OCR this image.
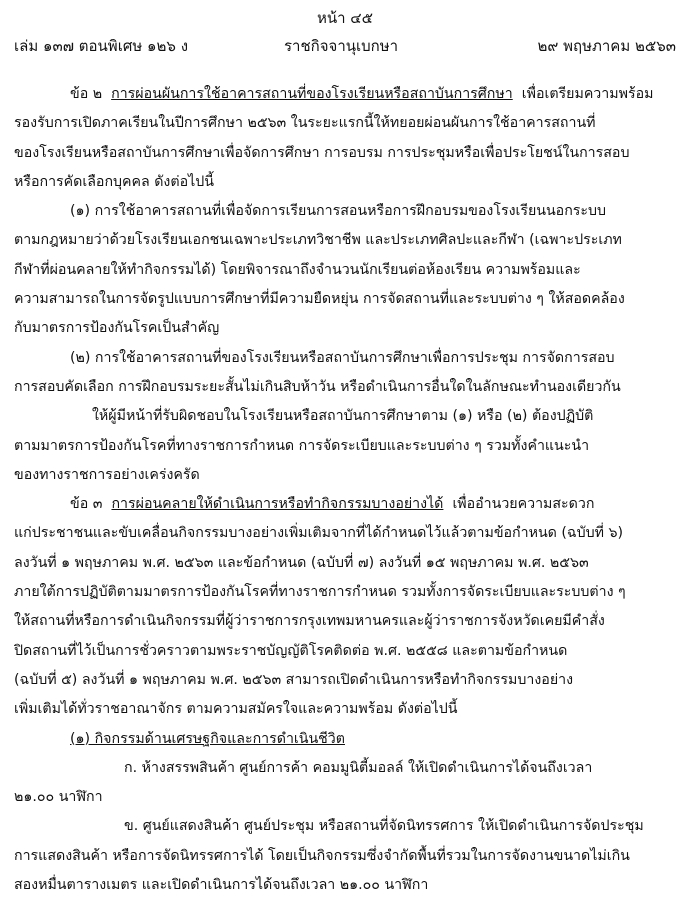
หน้า ๔๕
เล่ม ๑๓๗ ตอนพิเศษ ๑๒๖ ง	ราชกิจจานุเบกษา	๒๙ พฤษภาคม ๒๕๖๓
ข้อ ๒ การผ่อนผันการใช้อาคารสถานที่ของโรงเรียนหรือสถาบันการศึกษา เพื่อเตรียมความพร้อม
รองรับการเปิดภาคเรียนในปีการศึกษา ๒๕๖๓ ในระยะแรกนี้ให้ทยอยผ่อนผันการใช้อาคารสถานที่
ของโรงเรียนหรือสถาบันการศึกษาเพื่อจัดการศึกษา การอบรม การประชุมหรือเพื่อประโยชน์ในการสอบ
หรือการคัดเลือกบุคคล ดังต่อไปนี้
(๑) การใช้อาคารสถานที่เพื่อจัดการเรียนการสอนหรือการฝึกอบรมของโรงเรียนนอกระบบ
ตามกฎหมายว่าด้วยโรงเรียนเอกชนเฉพาะประเภทวิชาชีพ และประเภทศิลปะและกีฬา (เฉพาะประเภท
กีฬาที่ผ่อนคลายให้ทำกิจกรรมได้) โดยพิจารณาถึงจำนวนนักเรียนต่อห้องเรียน ความพร้อมและ
ความสามารถในการจัดรูปแบบการศึกษาที่มีความยืดหยุ่น การจัดสถานที่และระบบต่าง ๆ ให้สอดคล้อง
กับมาตรการป้องกันโรคเป็นสำคัญ
(๒) การใช้อาคารสถานที่ของโรงเรียนหรือสถาบันการศึกษาเพื่อการประชุม การจัดการสอบ
การสอบคัดเลือก การฝึกอบรมระยะสั้นไม่เกินสิบห้าวัน หรือดำเนินการอื่นใดในลักษณะทำนองเดียวกัน
ให้ผู้มีหน้าที่รับผิดชอบในโรงเรียนหรือสถาบันการศึกษาตาม (๑) หรือ (๒) ต้องปฏิบัติ
ตามมาตรการป้องกันโรคที่ทางราชการกำหนด การจัดระเบียบและระบบต่าง ๆ รวมทั้งคำแนะนำ
ของทางราชการอย่างเคร่งครัด
ข้อ ๓ การผ่อนคลายให้ดำเนินการหรือทำกิจกรรมบางอย่างได้ เพื่ออำนวยความสะดวก
แก่ประชาชนและขับเคลื่อนกิจกรรมบางอย่างเพิ่มเติมจากที่ได้กำหนดไว้แล้วตามข้อกำหนด (ฉบับที่ ๖)
ลงวันที่ ๑ พฤษภาคม พ.ศ. ๒๕๖๓ และข้อกำหนด (ฉบับที่ ๗) ลงวันที่ ๑๕ พฤษภาคม พ.ศ. ๒๕๖๓
ภายใต้การปฏิบัติตามมาตรการป้องกันโรคที่ทางราชการกำหนด รวมทั้งการจัดระเบียบและระบบต่าง ๆ
ให้สถานที่หรือการดำเนินกิจกรรมที่ผู้ว่าราชการกรุงเทพมหานครและผู้ว่าราชการจังหวัดเคยมีคำสั่ง
ปิดสถานที่ไว้เป็นการชั่วคราวตามพระราชบัญญัติโรคติดต่อ พ.ศ. ๒๕๕๘ และตามข้อกำหนด
(ฉบับที่ ๕) ลงวันที่ ๑ พฤษภาคม พ.ศ. ๒๕๖๓ สามารถเปิดดำเนินการหรือทำกิจกรรมบางอย่าง
เพิ่มเติมได้ทั่วราชอาณาจักร ตามความสมัครใจและความพร้อม ดังต่อไปนี้
(๑) กิจกรรมด้านเศรษฐกิจและการดำเนินชีวิต
ก. ห้างสรรพสินค้า ศูนย์การค้า คอมมูนิตี้มอลล์ ให้เปิดดำเนินการได้จนถึงเวลา
๒๑.๐๐ นาฬิกา
ข. ศูนย์แสดงสินค้า ศูนย์ประชุม หรือสถานที่จัดนิทรรศการ ให้เปิดดำเนินการจัดประชุม
การแสดงสินค้า หรือการจัดนิทรรศการได้ โดยเป็นกิจกรรมซึ่งจำกัดพื้นที่รวมในการจัดงานขนาดไม่เกิน
สองหมื่นตารางเมตร และเปิดดำเนินการได้จนถึงเวลา ๒๑.๐๐ นาฬิกา
